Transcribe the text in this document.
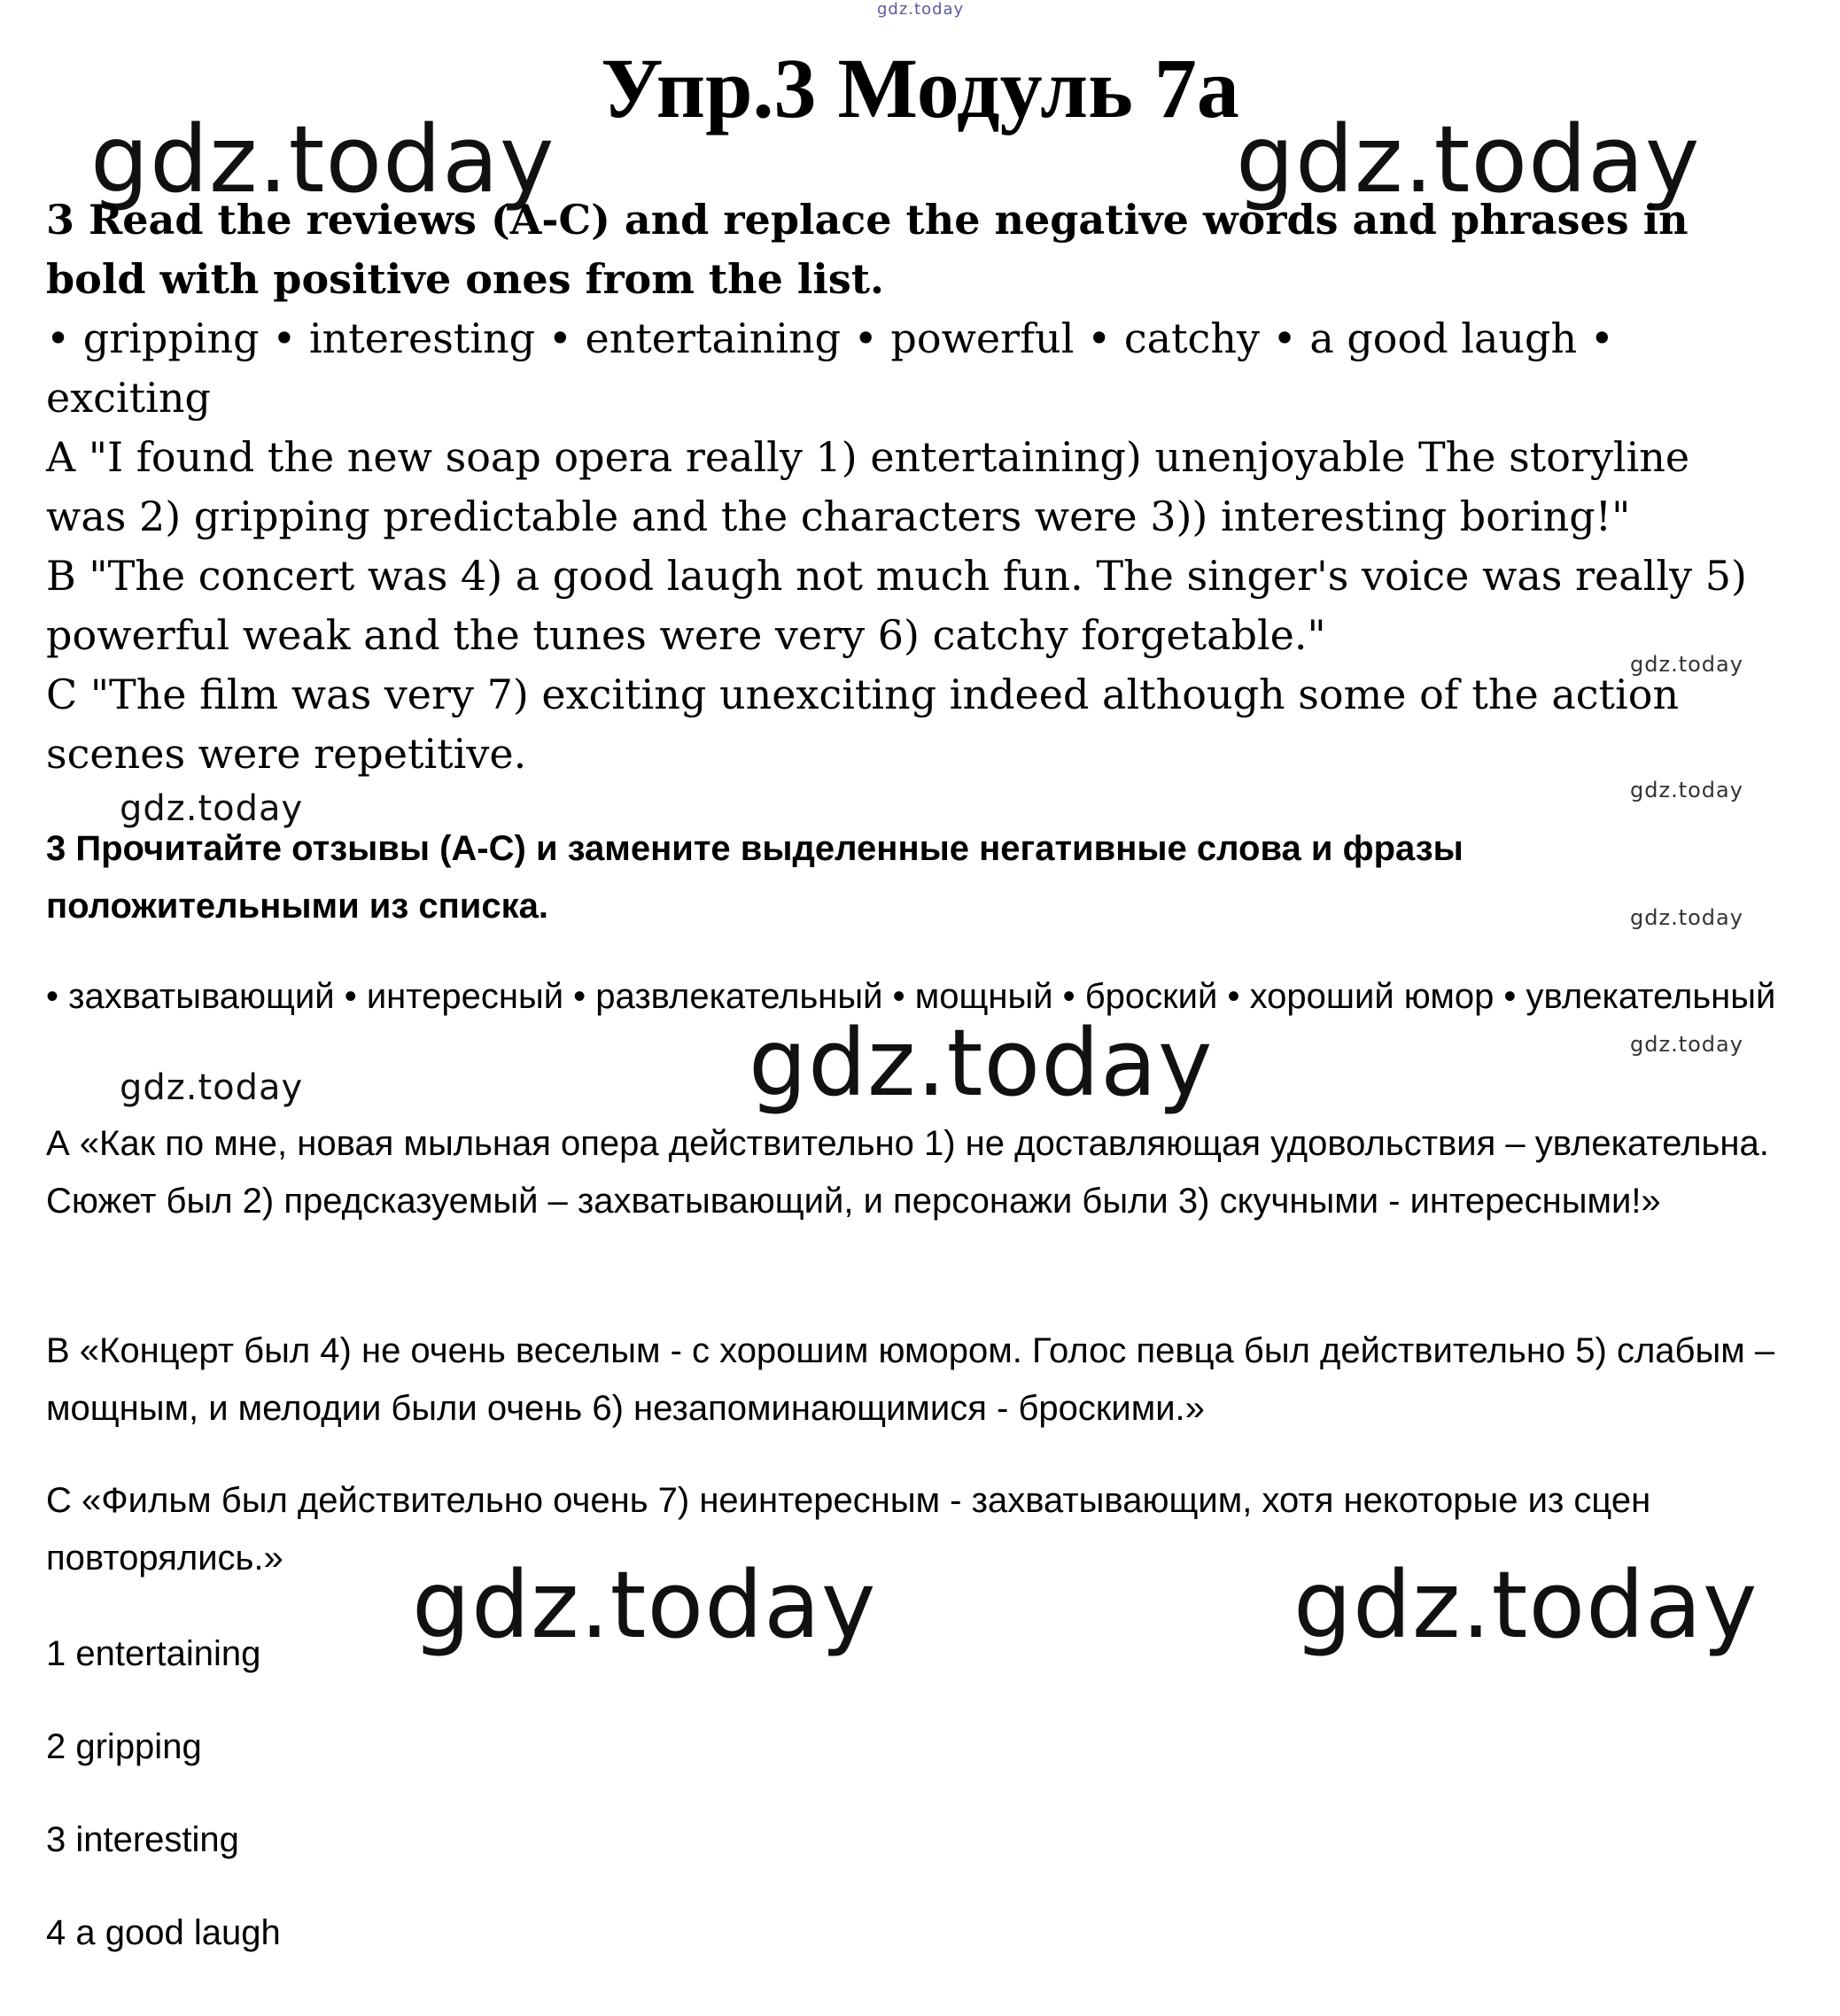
gdz.today
gdz.today	gdz.today
gdz.today
gdz.today
gdz.today
gdz.today
gdz.today
gdz.today
gdz.today
gdz.today	gdz.today
Упр.3 Модуль 7а

3 Read the reviews (A-C) and replace the negative words and phrases in bold with positive ones from the list.

• gripping • interesting • entertaining • powerful • catchy • a good laugh • exciting

A "I found the new soap opera really 1) entertaining) unenjoyable The storyline was 2) gripping predictable and the characters were 3)) interesting boring!"

B "The concert was 4) a good laugh not much fun. The singer's voice was really 5) powerful weak and the tunes were very 6) catchy forgetable."

C "The film was very 7) exciting unexciting indeed although some of the action scenes were repetitive.

3 Прочитайте отзывы (A-C) и замените выделенные негативные слова и фразы положительными из списка.

• захватывающий • интересный • развлекательный • мощный • броский • хороший юмор • увлекательный

А «Как по мне, новая мыльная опера действительно 1) не доставляющая удовольствия – увлекательна. Сюжет был 2) предсказуемый – захватывающий, и персонажи были 3) скучными - интересными!»

В «Концерт был 4) не очень веселым - с хорошим юмором. Голос певца был действительно 5) слабым – мощным, и мелодии были очень 6) незапоминающимися - броскими.»

С «Фильм был действительно очень 7) неинтересным - захватывающим, хотя некоторые из сцен повторялись.»

1 entertaining
2 gripping
3 interesting
4 a good laugh
